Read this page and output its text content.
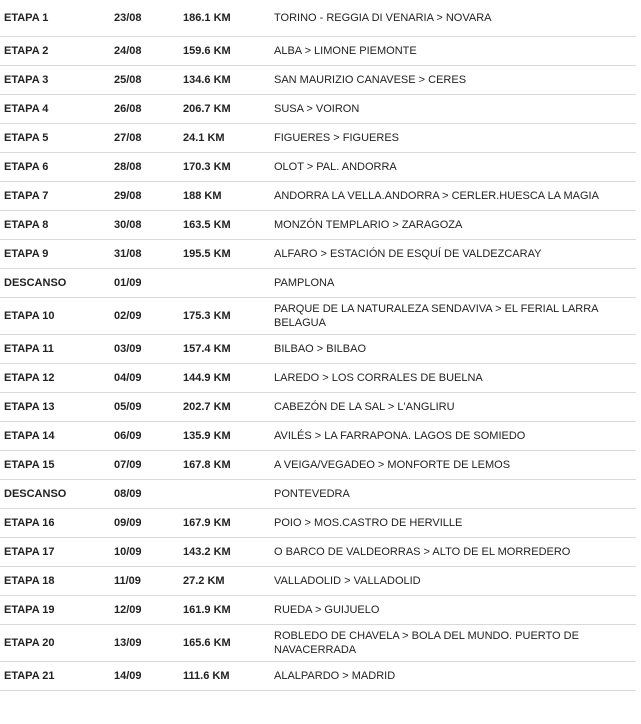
ETAPA 1	23/08	186.1 KM	TORINO - REGGIA DI VENARIA > NOVARA
ETAPA 2	24/08	159.6 KM	ALBA > LIMONE PIEMONTE
ETAPA 3	25/08	134.6 KM	SAN MAURIZIO CANAVESE > CERES
ETAPA 4	26/08	206.7 KM	SUSA > VOIRON
ETAPA 5	27/08	24.1 KM	FIGUERES > FIGUERES
ETAPA 6	28/08	170.3 KM	OLOT > PAL. ANDORRA
ETAPA 7	29/08	188 KM	ANDORRA LA VELLA.ANDORRA > CERLER.HUESCA LA MAGIA
ETAPA 8	30/08	163.5 KM	MONZÓN TEMPLARIO > ZARAGOZA
ETAPA 9	31/08	195.5 KM	ALFARO > ESTACIÓN DE ESQUÍ DE VALDEZCARAY
DESCANSO	01/09		PAMPLONA
ETAPA 10	02/09	175.3 KM	PARQUE DE LA NATURALEZA SENDAVIVA > EL FERIAL LARRA BELAGUA
ETAPA 11	03/09	157.4 KM	BILBAO > BILBAO
ETAPA 12	04/09	144.9 KM	LAREDO > LOS CORRALES DE BUELNA
ETAPA 13	05/09	202.7 KM	CABEZÓN DE LA SAL > L'ANGLIRU
ETAPA 14	06/09	135.9 KM	AVILÉS > LA FARRAPONA. LAGOS DE SOMIEDO
ETAPA 15	07/09	167.8 KM	A VEIGA/VEGADEO > MONFORTE DE LEMOS
DESCANSO	08/09		PONTEVEDRA
ETAPA 16	09/09	167.9 KM	POIO > MOS.CASTRO DE HERVILLE
ETAPA 17	10/09	143.2 KM	O BARCO DE VALDEORRAS > ALTO DE EL MORREDERO
ETAPA 18	11/09	27.2 KM	VALLADOLID > VALLADOLID
ETAPA 19	12/09	161.9 KM	RUEDA > GUIJUELO
ETAPA 20	13/09	165.6 KM	ROBLEDO DE CHAVELA > BOLA DEL MUNDO. PUERTO DE NAVACERRADA
ETAPA 21	14/09	111.6 KM	ALALPARDO > MADRID
